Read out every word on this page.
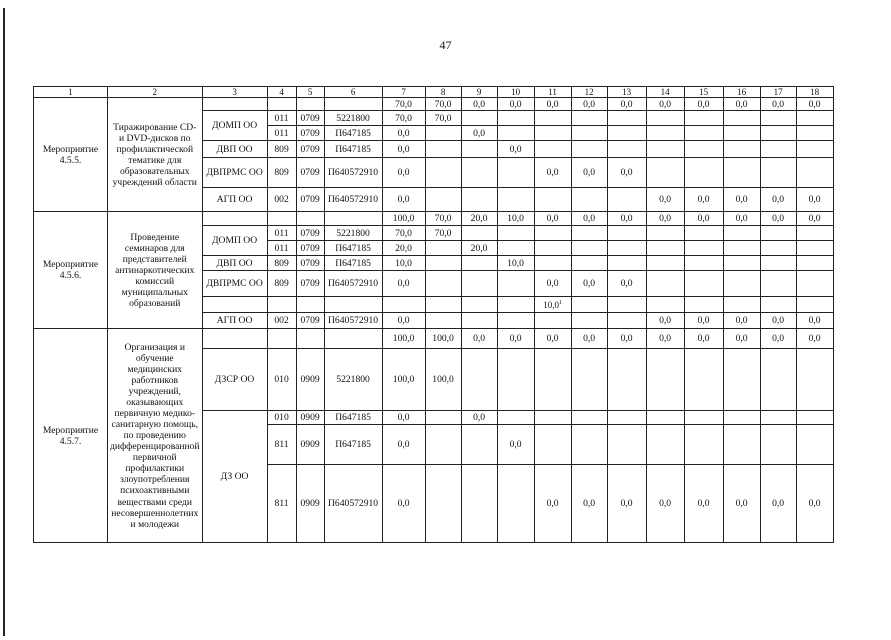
47
1	2	3	4	5	6	7	8	9	10	11	12	13	14	15	16	17	18
Мероприятие 4.5.5.	Тиражирование CD- и DVD-дисков по профилактической тематике для образовательных учреждений области					70,0	70,0	0,0	0,0	0,0	0,0	0,0	0,0	0,0	0,0	0,0	0,0
		ДОМП ОО	011	0709	5221800	70,0	70,0										
			011	0709	П647185	0,0		0,0									
		ДВП ОО	809	0709	П647185	0,0			0,0								
		ДВПРМС ОО	809	0709	П640572910	0,0				0,0	0,0	0,0					
		АГП ОО	002	0709	П640572910	0,0							0,0	0,0	0,0	0,0	0,0
Мероприятие 4.5.6.	Проведение семинаров для представителей антинаркотических комиссий муниципальных образований					100,0	70,0	20,0	10,0	0,0	0,0	0,0	0,0	0,0	0,0	0,0	0,0
		ДОМП ОО	011	0709	5221800	70,0	70,0										
			011	0709	П647185	20,0		20,0									
		ДВП ОО	809	0709	П647185	10,0			10,0								
		ДВПРМС ОО	809	0709	П640572910	0,0				0,0	0,0	0,0					
										10,0$^1$							
		АГП ОО	002	0709	П640572910	0,0							0,0	0,0	0,0	0,0	0,0
Мероприятие 4.5.7.	Организация и обучение медицинских работников учреждений, оказывающих первичную медико-санитарную помощь, по проведению дифференцированной первичной профилактики злоупотребления психоактивными веществами среди несовершеннолетних и молодежи					100,0	100,0	0,0	0,0	0,0	0,0	0,0	0,0	0,0	0,0	0,0	0,0
		ДЗСР ОО	010	0909	5221800	100,0	100,0										
		ДЗ ОО	010	0909	П647185	0,0		0,0									
			811	0909	П647185	0,0			0,0								
			811	0909	П640572910	0,0				0,0	0,0	0,0	0,0	0,0	0,0	0,0	0,0
